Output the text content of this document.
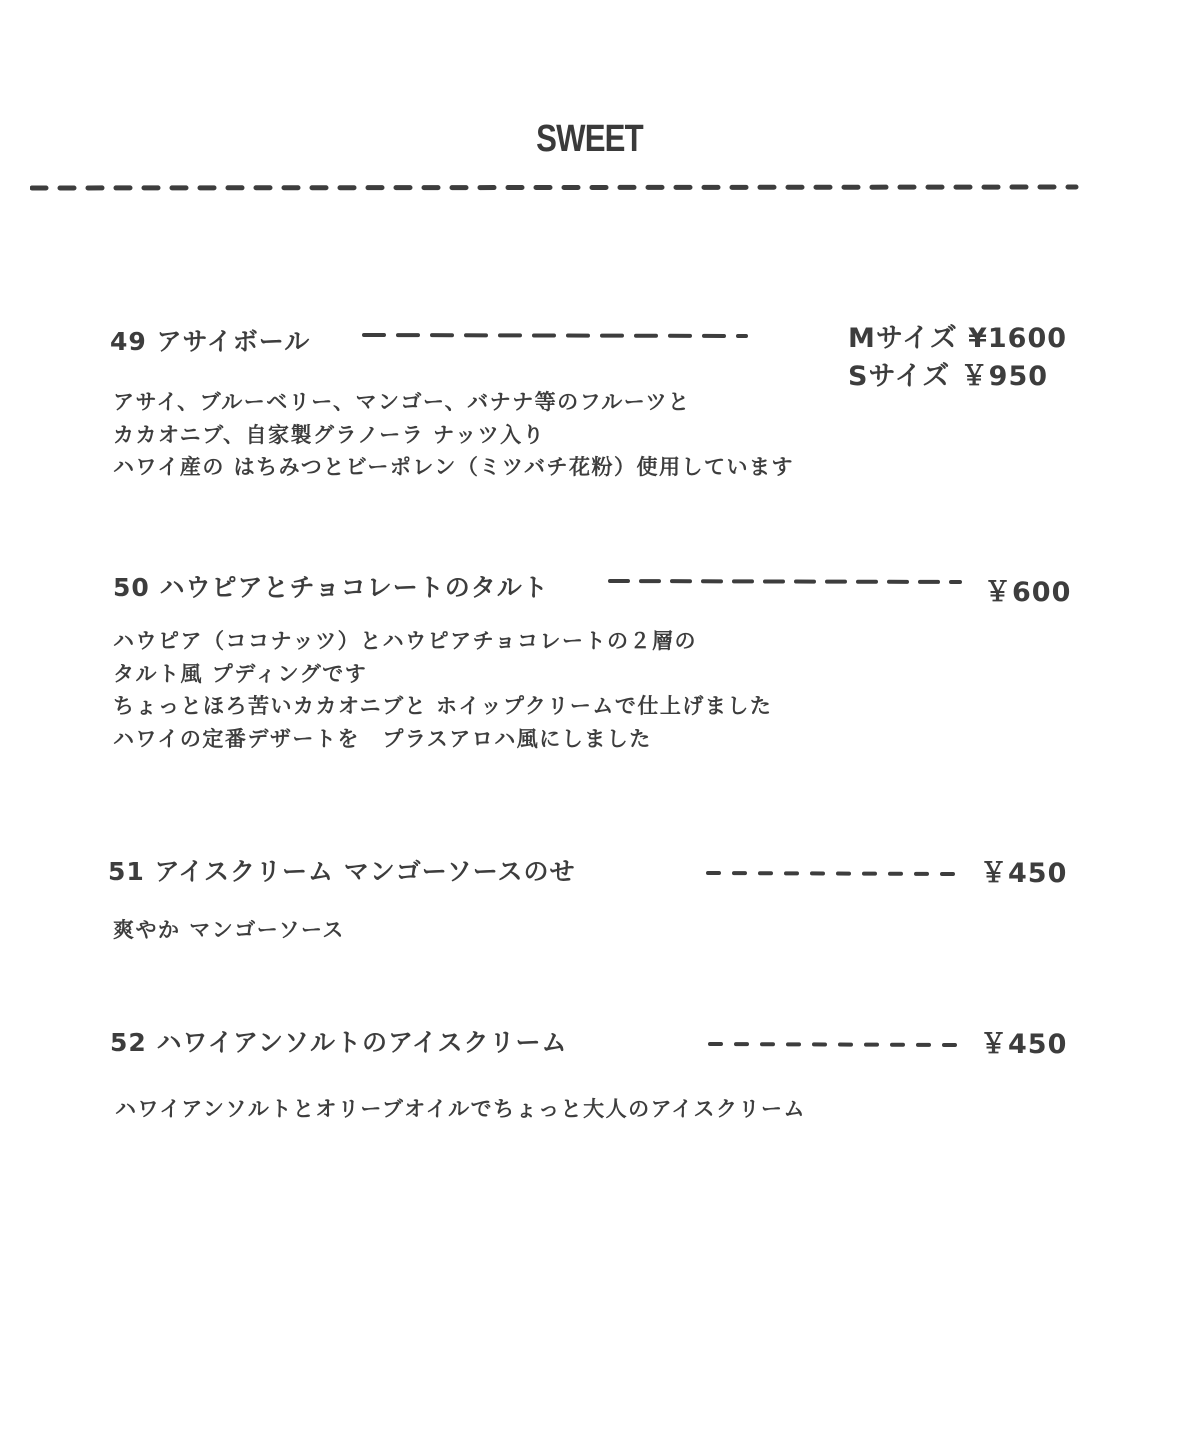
SWEET
49 アサイボール	Mサイズ ¥1600
Sサイズ ￥950
アサイ、ブルーベリー、マンゴー、バナナ等のフルーツと
カカオニブ、自家製グラノーラ ナッツ入り
ハワイ産の はちみつとビーポレン（ミツバチ花粉）使用しています
50 ハウピアとチョコレートのタルト	￥600
ハウピア（ココナッツ）とハウピアチョコレートの２層の
タルト風 プディングです
ちょっとほろ苦いカカオニブと ホイップクリームで仕上げました
ハワイの定番デザートを　プラスアロハ風にしました
51 アイスクリーム マンゴーソースのせ	￥450
爽やか マンゴーソース
52 ハワイアンソルトのアイスクリーム	￥450
ハワイアンソルトとオリーブオイルでちょっと大人のアイスクリーム
